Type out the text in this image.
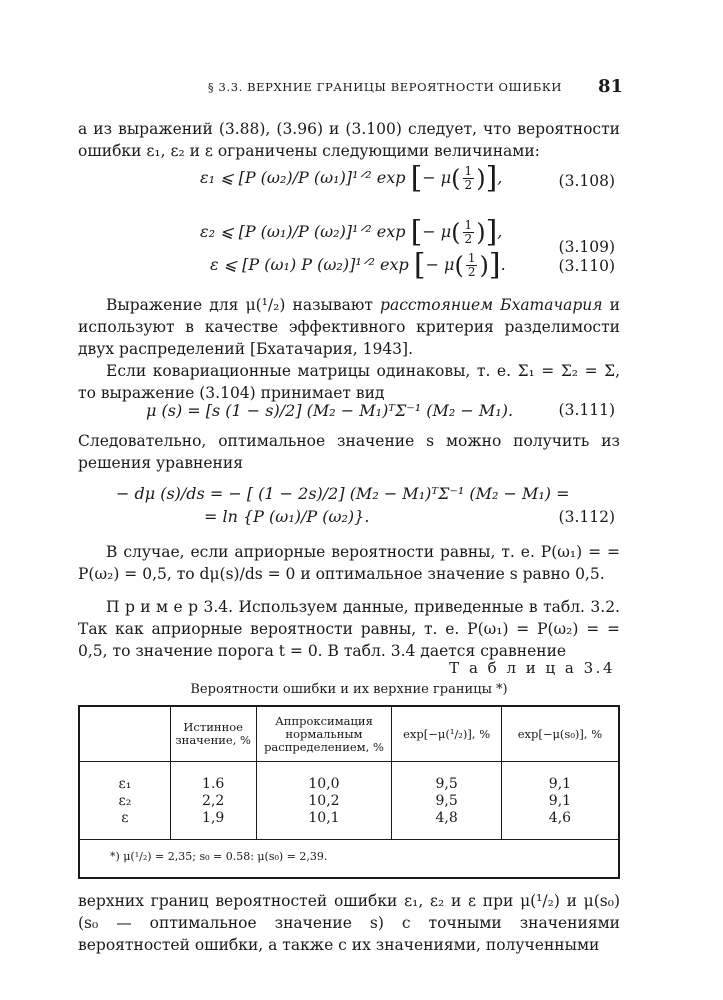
§ 3.3. ВЕРХНИЕ ГРАНИЦЫ ВЕРОЯТНОСТИ ОШИБКИ	81
а из выражений (3.88), (3.96) и (3.100) следует, что вероятности ошибки ε₁, ε₂ и ε ограничены следующими величинами:
ε₁ ⩽ [P (ω₂)/P (ω₁)]¹ᐟ² exp [− $\mu( \frac{1}{2}$ )],	(3.108)
ε₂ ⩽ [P (ω₁)/P (ω₂)]¹ᐟ² exp [− $\mu( \frac{1}{2}$ )],
(3.109)
ε ⩽ [P (ω₁) P (ω₂)]¹ᐟ² exp [− $\mu( \frac{1}{2}$ )].	(3.110)
Выражение для μ(¹/₂) называют расстоянием Бхатачария и используют в качестве эффективного критерия разделимости двух распределений [Бхатачария, 1943].
Если ковариационные матрицы одинаковы, т. е. Σ₁ = Σ₂ = Σ, то выражение (3.104) принимает вид
μ (s) = [s (1 − s)/2] (M₂ − M₁)ᵀΣ⁻¹ (M₂ − M₁).	(3.111)
Следовательно, оптимальное значение s можно получить из решения уравнения
− dμ (s)/ds = − [ (1 − 2s)/2] (M₂ − M₁)ᵀΣ⁻¹ (M₂ − M₁) =
= ln {P (ω₁)/P (ω₂)}.	(3.112)
В случае, если априорные вероятности равны, т. е. P(ω₁) = = P(ω₂) = 0,5, то dμ(s)/ds = 0 и оптимальное значение s равно 0,5.
П р и м е р 3.4. Используем данные, приведенные в табл. 3.2. Так как априорные вероятности равны, т. е. P(ω₁) = P(ω₂) = = 0,5, то значение порога t = 0. В табл. 3.4 дается сравнение
Т а б л и ц а 3.4
Вероятности ошибки и их верхние границы *)
	Истинное значение, %	Аппроксимация нормальным распределением, %	exp[−μ(¹/₂)], %	exp[−μ(s₀)], %
ε₁	1.6	10,0	9,5	9,1
ε₂	2,2	10,2	9,5	9,1
ε	1,9	10,1	4,8	4,6
*) μ(¹/₂) = 2,35; s₀ = 0.58: μ(s₀) = 2,39.				
верхних границ вероятностей ошибки ε₁, ε₂ и ε при μ(¹/₂) и μ(s₀) (s₀ — оптимальное значение s) с точными значениями вероятностей ошибки, а также с их значениями, полученными
